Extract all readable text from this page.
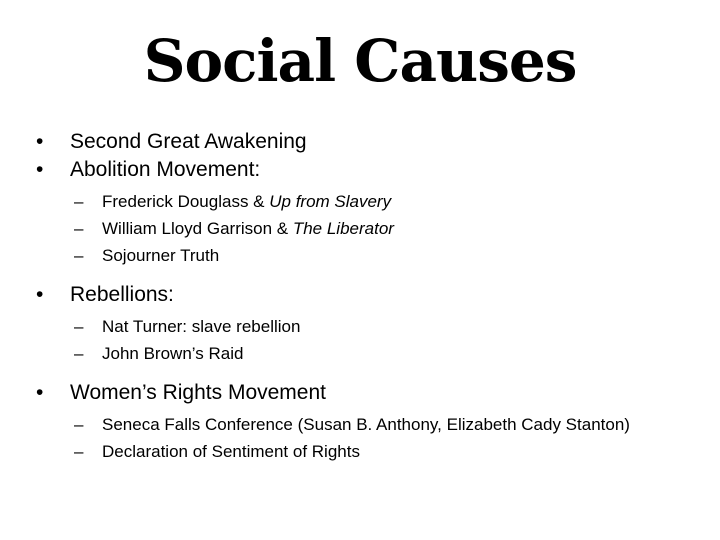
Social Causes
• Second Great Awakening
• Abolition Movement:
– Frederick Douglass & Up from Slavery
– William Lloyd Garrison & The Liberator
– Sojourner Truth
• Rebellions:
– Nat Turner: slave rebellion
– John Brown’s Raid
• Women’s Rights Movement
– Seneca Falls Conference (Susan B. Anthony, Elizabeth Cady Stanton)
– Declaration of Sentiment of Rights
